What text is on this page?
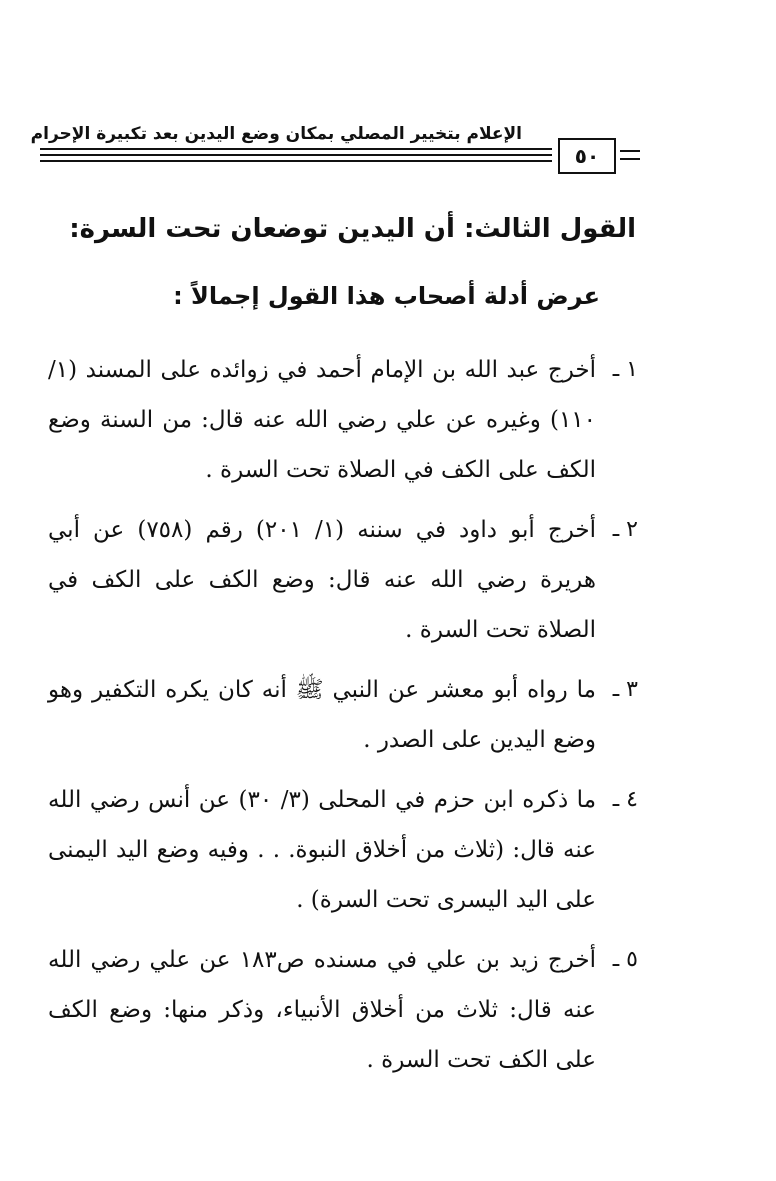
الإعلام بتخيير المصلي بمكان وضع اليدين بعد تكبيرة الإحرام
٥٠
القول الثالث: أن اليدين توضعان تحت السرة:
عرض أدلة أصحاب هذا القول إجمالاً :
١ ـ
أخرج عبد الله بن الإمام أحمد في زوائده على المسند (١/ ١١٠) وغيره عن علي رضي الله عنه قال: من السنة وضع الكف على الكف في الصلاة تحت السرة .
٢ ـ
أخرج أبو داود في سننه (١/ ٢٠١) رقم (٧٥٨) عن أبي هريرة رضي الله عنه قال: وضع الكف على الكف في الصلاة تحت السرة .
٣ ـ
ما رواه أبو معشر عن النبي ﷺ أنه كان يكره التكفير وهو وضع اليدين على الصدر .
٤ ـ
ما ذكره ابن حزم في المحلى (٣/ ٣٠) عن أنس رضي الله عنه قال: (ثلاث من أخلاق النبوة. . . وفيه وضع اليد اليمنى على اليد اليسرى تحت السرة) .
٥ ـ
أخرج زيد بن علي في مسنده ص١٨٣ عن علي رضي الله عنه قال: ثلاث من أخلاق الأنبياء، وذكر منها: وضع الكف على الكف تحت السرة .
